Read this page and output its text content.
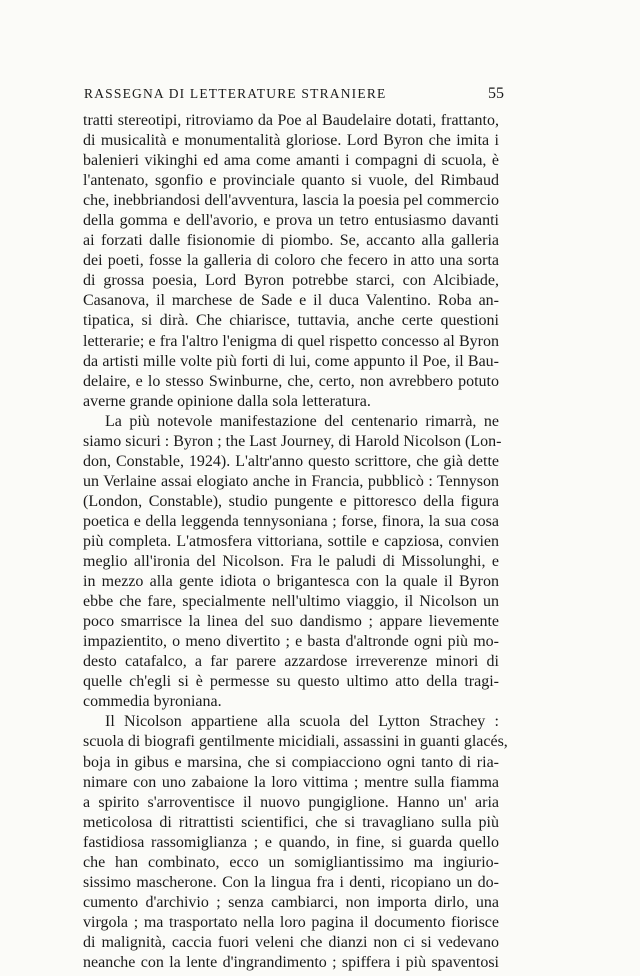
RASSEGNA DI LETTERATURE STRANIERE	55
tratti stereotipi, ritroviamo da Poe al Baudelaire dotati, frattanto,
di musicalità e monumentalità gloriose. Lord Byron che imita i
balenieri vikinghi ed ama come amanti i compagni di scuola, è
l'antenato, sgonfio e provinciale quanto si vuole, del Rimbaud
che, inebbriandosi dell'avventura, lascia la poesia pel commercio
della gomma e dell'avorio, e prova un tetro entusiasmo davanti
ai forzati dalle fisionomie di piombo. Se, accanto alla galleria
dei poeti, fosse la galleria di coloro che fecero in atto una sorta
di grossa poesia, Lord Byron potrebbe starci, con Alcibiade,
Casanova, il marchese de Sade e il duca Valentino. Roba an-
tipatica, si dirà. Che chiarisce, tuttavia, anche certe questioni
letterarie; e fra l'altro l'enigma di quel rispetto concesso al Byron
da artisti mille volte più forti di lui, come appunto il Poe, il Bau-
delaire, e lo stesso Swinburne, che, certo, non avrebbero potuto
averne grande opinione dalla sola letteratura.
La più notevole manifestazione del centenario rimarrà, ne
siamo sicuri : Byron ; the Last Journey, di Harold Nicolson (Lon-
don, Constable, 1924). L'altr'anno questo scrittore, che già dette
un Verlaine assai elogiato anche in Francia, pubblicò : Tennyson
(London, Constable), studio pungente e pittoresco della figura
poetica e della leggenda tennysoniana ; forse, finora, la sua cosa
più completa. L'atmosfera vittoriana, sottile e capziosa, convien
meglio all'ironia del Nicolson. Fra le paludi di Missolunghi, e
in mezzo alla gente idiota o brigantesca con la quale il Byron
ebbe che fare, specialmente nell'ultimo viaggio, il Nicolson un
poco smarrisce la linea del suo dandismo ; appare lievemente
impazientito, o meno divertito ; e basta d'altronde ogni più mo-
desto catafalco, a far parere azzardose irreverenze minori di
quelle ch'egli si è permesse su questo ultimo atto della tragi-
commedia byroniana.
Il Nicolson appartiene alla scuola del Lytton Strachey :
scuola di biografi gentilmente micidiali, assassini in guanti glacés,
boja in gibus e marsina, che si compiacciono ogni tanto di ria-
nimare con uno zabaione la loro vittima ; mentre sulla fiamma
a spirito s'arroventisce il nuovo pungiglione. Hanno un' aria
meticolosa di ritrattisti scientifici, che si travagliano sulla più
fastidiosa rassomiglianza ; e quando, in fine, si guarda quello
che han combinato, ecco un somigliantissimo ma ingiurio-
sissimo mascherone. Con la lingua fra i denti, ricopiano un do-
cumento d'archivio ; senza cambiarci, non importa dirlo, una
virgola ; ma trasportato nella loro pagina il documento fiorisce
di malignità, caccia fuori veleni che dianzi non ci si vedevano
neanche con la lente d'ingrandimento ; spiffera i più spaventosi
